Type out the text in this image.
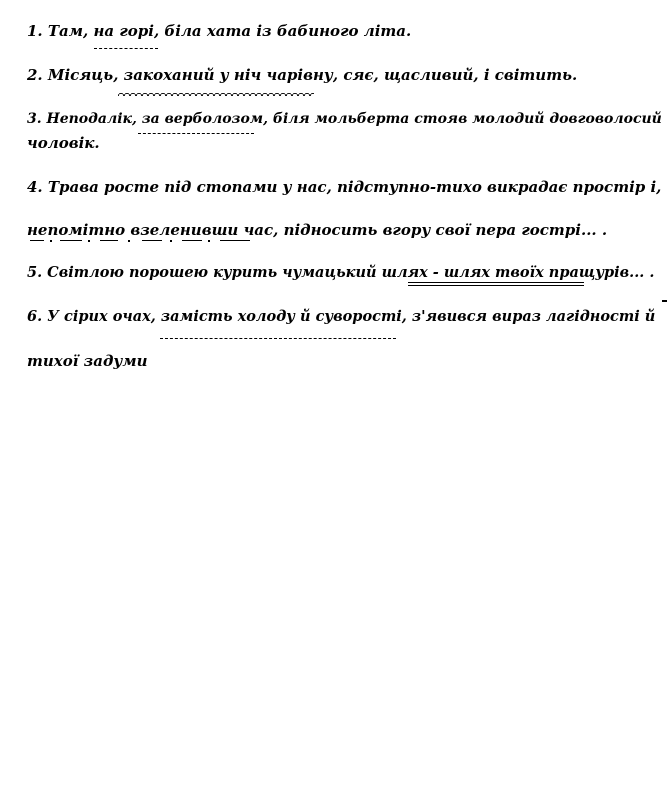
1. Там, на горі, біла хата із бабиного літа.
2. Місяць, закоханий у ніч чарівну, сяє, щасливий, і світить.
3. Неподалік, за верболозом, біля мольберта стояв молодий довговолосий
чоловік.
4. Трава росте під стопами у нас, підступно-тихо викрадає простір і,
непомітно взеленивши час, підносить вгору свої пера гострі... .
5. Світлою порошею курить чумацький шлях - шлях твоїх пращурів... .
6. У сірих очах, замість холоду й суворості, з'явився вираз лагідності й
тихої задуми
